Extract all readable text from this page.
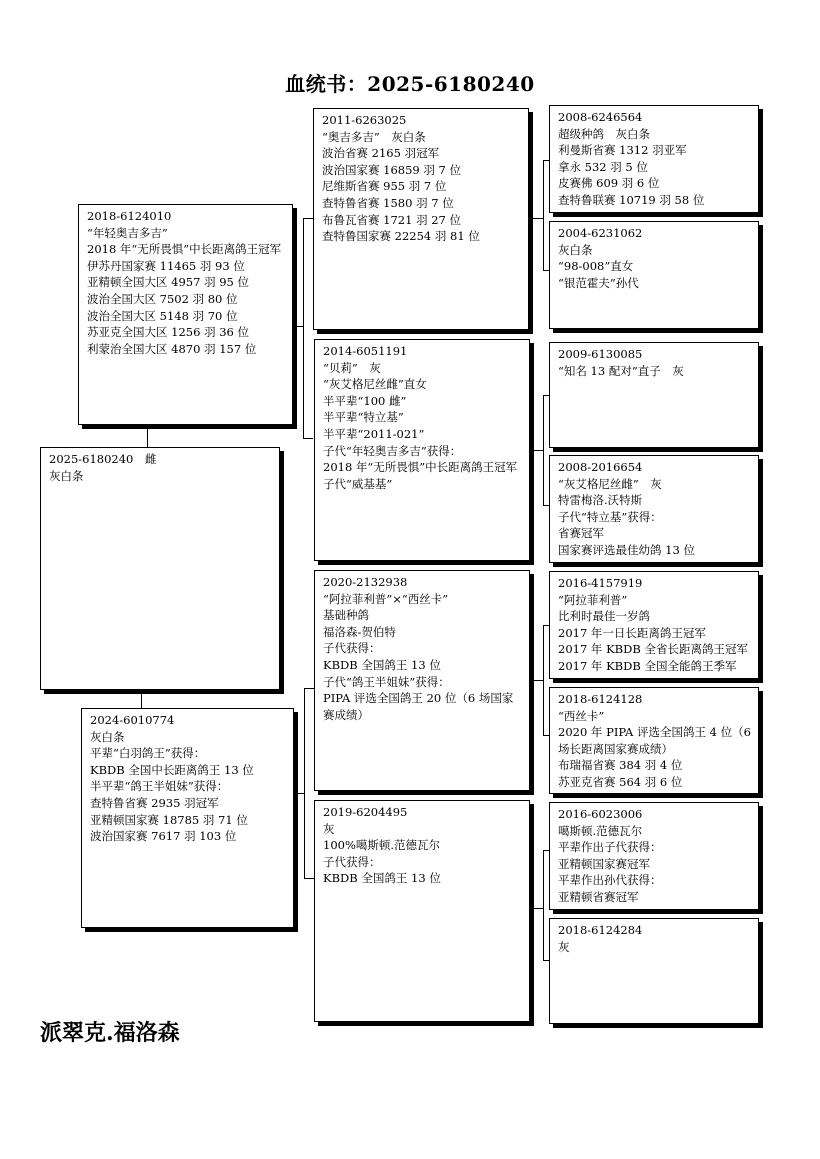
血统书：2025-6180240
2025-6180240　雌
灰白条
2018-6124010
“年轻奥吉多吉”
2018 年“无所畏惧”中长距离鸽王冠军
伊苏丹国家赛 11465 羽 93 位
亚精顿全国大区 4957 羽 95 位
波治全国大区 7502 羽 80 位
波治全国大区 5148 羽 70 位
苏亚克全国大区 1256 羽 36 位
利蒙治全国大区 4870 羽 157 位
2024-6010774
灰白条
平辈“白羽鸽王”获得：
KBDB 全国中长距离鸽王 13 位
半平辈“鸽王半姐妹”获得：
查特鲁省赛 2935 羽冠军
亚精顿国家赛 18785 羽 71 位
波治国家赛 7617 羽 103 位
2011-6263025
“奥吉多吉”　灰白条
波治省赛 2165 羽冠军
波治国家赛 16859 羽 7 位
尼维斯省赛 955 羽 7 位
查特鲁省赛 1580 羽 7 位
布鲁瓦省赛 1721 羽 27 位
查特鲁国家赛 22254 羽 81 位
2014-6051191
“贝莉”　灰
“灰艾格尼丝雌”直女
半平辈“100 雌”
半平辈“特立基”
半平辈“2011-021”
子代“年轻奥吉多吉”获得：
2018 年“无所畏惧”中长距离鸽王冠军
子代“威基基”
2020-2132938
“阿拉菲利普”×“西丝卡”
基础种鸽
福洛森-贺伯特
子代获得：
KBDB 全国鸽王 13 位
子代“鸽王半姐妹”获得：
PIPA 评选全国鸽王 20 位（6 场国家赛成绩）
2019-6204495
灰
100%噶斯顿.范德瓦尔
子代获得：
KBDB 全国鸽王 13 位
2008-6246564
超级种鸽　灰白条
利曼斯省赛 1312 羽亚军
拿永 532 羽 5 位
皮赛佛 609 羽 6 位
查特鲁联赛 10719 羽 58 位
2004-6231062
灰白条
“98-008”直女
“银范霍夫”孙代
2009-6130085
“知名 13 配对”直子　灰
2008-2016654
“灰艾格尼丝雌”　灰
特雷梅洛.沃特斯
子代“特立基”获得：
省赛冠军
国家赛评选最佳幼鸽 13 位
2016-4157919
“阿拉菲利普”
比利时最佳一岁鸽
2017 年一日长距离鸽王冠军
2017 年 KBDB 全省长距离鸽王冠军
2017 年 KBDB 全国全能鸽王季军
2018-6124128
“西丝卡”
2020 年 PIPA 评选全国鸽王 4 位（6 场长距离国家赛成绩）
布瑞福省赛 384 羽 4 位
苏亚克省赛 564 羽 6 位
2016-6023006
噶斯顿.范德瓦尔
平辈作出子代获得：
亚精顿国家赛冠军
平辈作出孙代获得：
亚精顿省赛冠军
2018-6124284
灰
派翠克.福洛森
